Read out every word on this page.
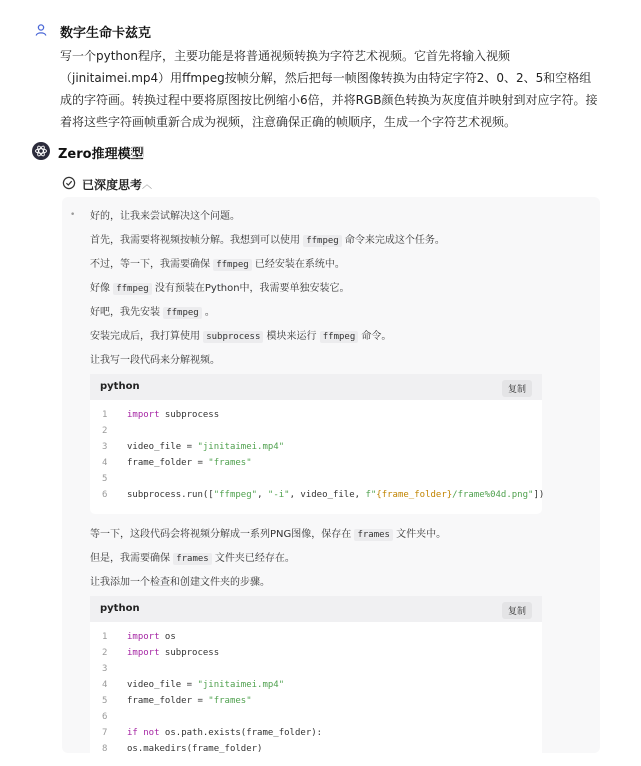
数字生命卡兹克

写一个python程序，主要功能是将普通视频转换为字符艺术视频。它首先将输入视频（jinitaimei.mp4）用ffmpeg按帧分解，然后把每一帧图像转换为由特定字符2、0、2、5和空格组成的字符画。转换过程中要将原图按比例缩小6倍，并将RGB颜色转换为灰度值并映射到对应字符。接着将这些字符画帧重新合成为视频，注意确保正确的帧顺序，生成一个字符艺术视频。

Zero推理模型
已深度思考 ︿
• 好的，让我来尝试解决这个问题。
首先，我需要将视频按帧分解。我想到可以使用 ffmpeg 命令来完成这个任务。
不过，等一下，我需要确保 ffmpeg 已经安装在系统中。
好像 ffmpeg 没有预装在Python中，我需要单独安装它。
好吧，我先安装 ffmpeg 。
安装完成后，我打算使用 subprocess 模块来运行 ffmpeg 命令。
让我写一段代码来分解视频。
等一下，这段代码会将视频分解成一系列PNG图像，保存在 frames 文件夹中。
但是，我需要确保 frames 文件夹已经存在。
让我添加一个检查和创建文件夹的步骤。
python	复制
1	import subprocess
2
3	video_file = "jinitaimei.mp4"
4	frame_folder = "frames"
5
6	subprocess.run(["ffmpeg", "-i", video_file, f"{frame_folder}/frame%04d.png"])
python	复制
1	import os
2	import subprocess
3
4	video_file = "jinitaimei.mp4"
5	frame_folder = "frames"
6
7	if not os.path.exists(frame_folder):
8	os.makedirs(frame_folder)
